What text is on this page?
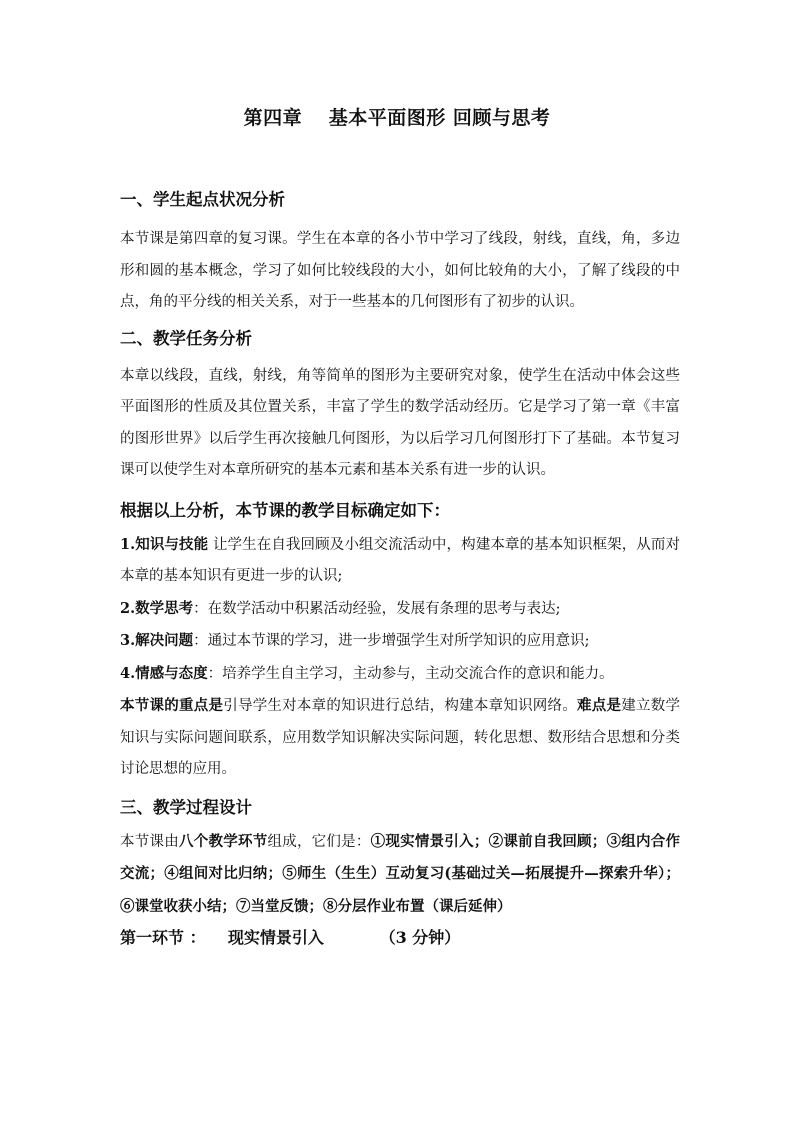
第四章　 基本平面图形 回顾与思考

一、学生起点状况分析

本节课是第四章的复习课。学生在本章的各小节中学习了线段，射线，直线，角，多边形和圆的基本概念，学习了如何比较线段的大小，如何比较角的大小，了解了线段的中点，角的平分线的相关关系，对于一些基本的几何图形有了初步的认识。

二、教学任务分析

本章以线段，直线，射线，角等简单的图形为主要研究对象，使学生在活动中体会这些平面图形的性质及其位置关系，丰富了学生的数学活动经历。它是学习了第一章《丰富的图形世界》以后学生再次接触几何图形，为以后学习几何图形打下了基础。本节复习课可以使学生对本章所研究的基本元素和基本关系有进一步的认识。

根据以上分析，本节课的教学目标确定如下：

1.知识与技能 让学生在自我回顾及小组交流活动中，构建本章的基本知识框架，从而对本章的基本知识有更进一步的认识;

2.数学思考：在数学活动中积累活动经验，发展有条理的思考与表达;

3.解决问题：通过本节课的学习，进一步增强学生对所学知识的应用意识;

4.情感与态度：培养学生自主学习，主动参与，主动交流合作的意识和能力。

本节课的重点是引导学生对本章的知识进行总结，构建本章知识网络。难点是建立数学知识与实际问题间联系，应用数学知识解决实际问题，转化思想、数形结合思想和分类讨论思想的应用。

三、教学过程设计

本节课由八个教学环节组成，它们是：①现实情景引入；②课前自我回顾；③组内合作交流；④组间对比归纳；⑤师生（生生）互动复习(基础过关—拓展提升—探索升华）；⑥课堂收获小结；⑦当堂反馈；⑧分层作业布置（课后延伸）

第一环节 ： 现实情景引入	（3 分钟）
